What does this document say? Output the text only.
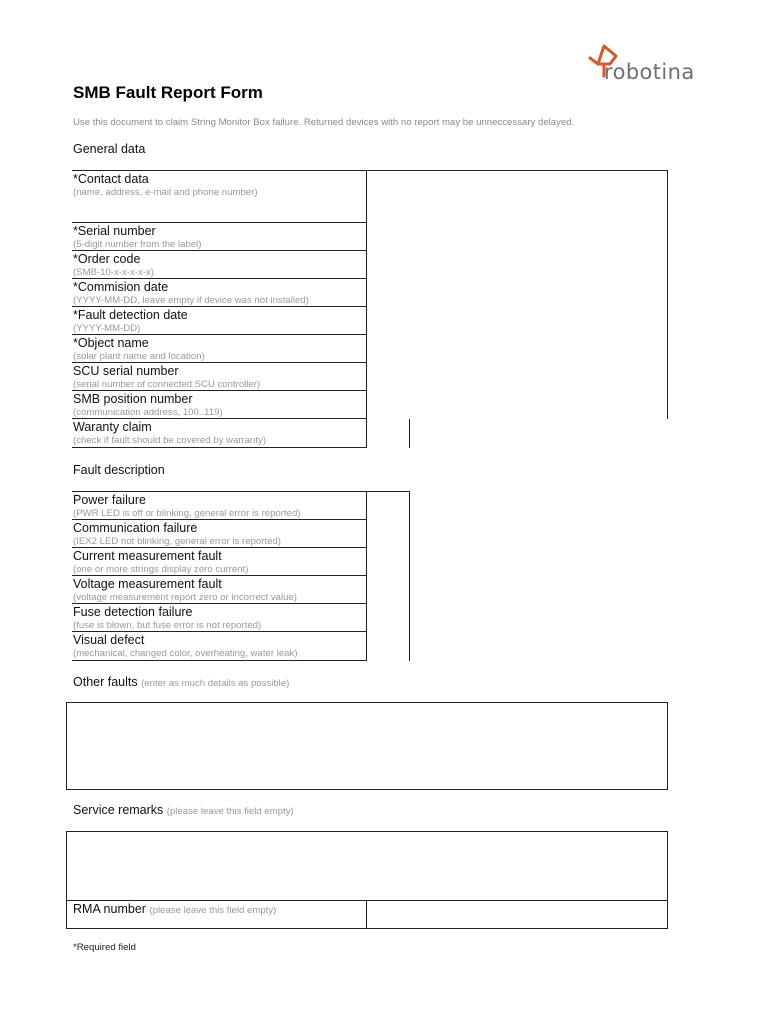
robotina
SMB Fault Report Form
Use this document to claim String Monitor Box failure. Returned devices with no report may be unneccessary delayed.
General data
*Contact data
(name, address, e-mail and phone number)
*Serial number
(5-digit number from the label)
*Order code
(SMB-10-x-x-x-x-x)
*Commision date
(YYYY-MM-DD, leave empty if device was not installed)
*Fault detection date
(YYYY-MM-DD)
*Object name
(solar plant name and location)
SCU serial number
(serial number of connected SCU controller)
SMB position number
(communication address, 100..119)
Waranty claim
(check if fault should be covered by warranty)
Fault description
Power failure
(PWR LED is off or blinking, general error is reported)
Communication failure
(IEX2 LED not blinking, general error is reported)
Current measurement fault
(one or more strings display zero current)
Voltage measurement fault
(voltage measurement report zero or incorrect value)
Fuse detection failure
(fuse is blown, but fuse error is not reported)
Visual defect
(mechanical, changed color, overheating, water leak)
Other faults (enter as much details as possible)
Service remarks (please leave this field empty)
RMA number (please leave this field empty)
*Required field
